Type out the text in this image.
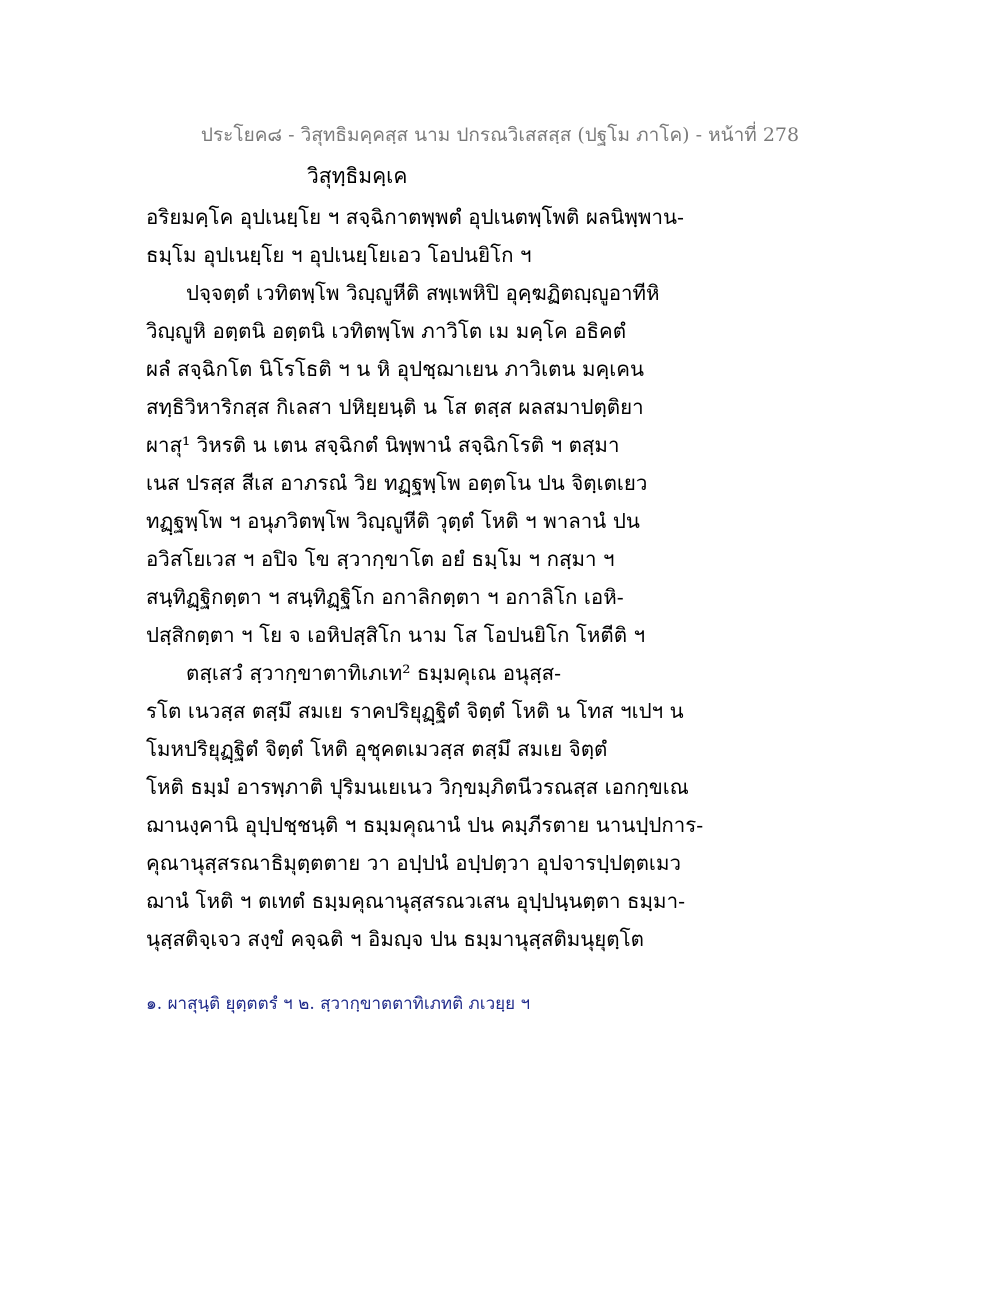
ประโยค๘ - วิสุทธิมคฺคสฺส นาม ปกรณวิเสสสฺส (ปฐโม ภาโค) - หน้าที่ 278
วิสุทฺธิมคฺเค
อริยมคฺโค อุปเนยฺโย ฯ สจฺฉิกาตพฺพตํ อุปเนตพฺโพติ ผลนิพฺพาน-
ธมฺโม อุปเนยฺโย ฯ อุปเนยฺโยเอว โอปนยิโก ฯ
ปจฺจตฺตํ เวทิตพฺโพ วิญฺญูหีติ สพฺเพหิปิ อุคฺฆฏิตญฺญูอาทีหิ
วิญฺญูหิ อตฺตนิ อตฺตนิ เวทิตพฺโพ ภาวิโต เม มคฺโค อธิคตํ
ผลํ สจฺฉิกโต นิโรโธติ ฯ น หิ อุปชฺฌาเยน ภาวิเตน มคฺเคน
สทฺธิวิหาริกสฺส กิเลสา ปหิยฺยนฺติ น โส ตสฺส ผลสมาปตฺติยา
ผาสุ¹ วิหรติ น เตน สจฺฉิกตํ นิพฺพานํ สจฺฉิกโรติ ฯ ตสฺมา
เนส ปรสฺส สีเส อาภรณํ วิย ทฏฺฐพฺโพ อตฺตโน ปน จิตฺเตเยว
ทฏฺฐพฺโพ ฯ อนุภวิตพฺโพ วิญฺญูหีติ วุตฺตํ โหติ ฯ พาลานํ ปน
อวิสโยเวส ฯ อปิจ โข สฺวากฺขาโต อยํ ธมฺโม ฯ กสฺมา ฯ
สนฺทิฏฺฐิกตฺตา ฯ สนฺทิฏฺฐิโก อกาลิกตฺตา ฯ อกาลิโก เอหิ-
ปสฺสิกตฺตา ฯ โย จ เอหิปสฺสิโก นาม โส โอปนยิโก โหตีติ ฯ
ตสฺเสวํ สฺวากฺขาตาทิเภเท² ธมฺมคุเณ อนุสฺส-
รโต เนวสฺส ตสฺมึ สมเย ราคปริยุฏฺฐิตํ จิตฺตํ โหติ น โทส ฯเปฯ น
โมหปริยุฏฺฐิตํ จิตฺตํ โหติ อุชุคตเมวสฺส ตสฺมึ สมเย จิตฺตํ
โหติ ธมฺมํ อารพฺภาติ ปุริมนเยเนว วิกฺขมฺภิตนีวรณสฺส เอกกฺขเณ
ฌานงฺคานิ อุปฺปชฺชนฺติ ฯ ธมฺมคุณานํ ปน คมฺภีรตาย นานปฺปการ-
คุณานุสฺสรณาธิมุตฺตตาย วา อปฺปนํ อปฺปตฺวา อุปจารปฺปตฺตเมว
ฌานํ โหติ ฯ ตเทตํ ธมฺมคุณานุสฺสรณวเสน อุปฺปนฺนตฺตา ธมฺมา-
นุสฺสติจฺเจว สงฺขํ คจฺฉติ ฯ อิมญฺจ ปน ธมฺมานุสฺสติมนุยุตฺโต
๑. ผาสุนฺติ ยุตฺตตรํ ฯ ๒. สฺวากฺขาตตาทิเภทติ ภเวยฺย ฯ
